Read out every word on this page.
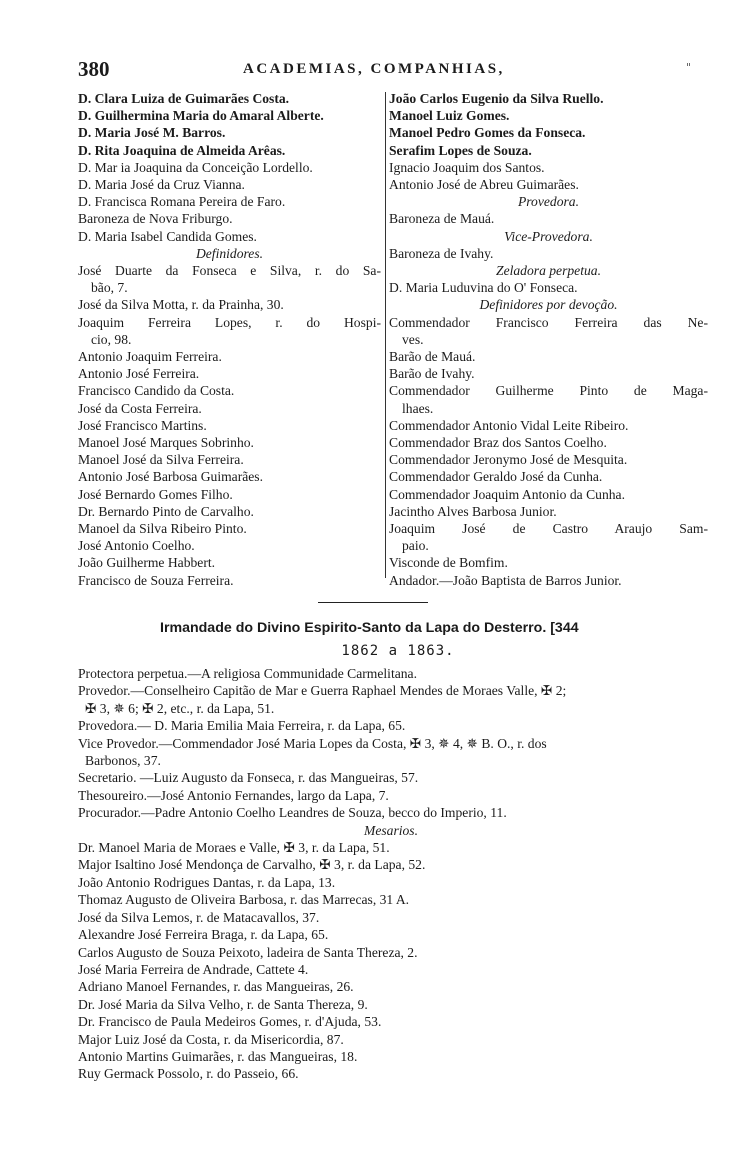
380	ACADEMIAS, COMPANHIAS,	"
D. Clara Luiza de Guimarães Costa.
D. Guilhermina Maria do Amaral Alberte.
D. Maria José M. Barros.
D. Rita Joaquina de Almeida Arêas.
D. Mar ia Joaquina da Conceição Lordello.
D. Maria José da Cruz Vianna.
D. Francisca Romana Pereira de Faro.
Baroneza de Nova Friburgo.
D. Maria Isabel Candida Gomes.
Definidores.
José Duarte da Fonseca e Silva, r. do Sa-
bão, 7.
José da Silva Motta, r. da Prainha, 30.
Joaquim Ferreira Lopes, r. do Hospi-
cio, 98.
Antonio Joaquim Ferreira.
Antonio José Ferreira.
Francisco Candido da Costa.
José da Costa Ferreira.
José Francisco Martins.
Manoel José Marques Sobrinho.
Manoel José da Silva Ferreira.
Antonio José Barbosa Guimarães.
José Bernardo Gomes Filho.
Dr. Bernardo Pinto de Carvalho.
Manoel da Silva Ribeiro Pinto.
José Antonio Coelho.
João Guilherme Habbert.
Francisco de Souza Ferreira.
João Carlos Eugenio da Silva Ruello.
Manoel Luiz Gomes.
Manoel Pedro Gomes da Fonseca.
Serafim Lopes de Souza.
Ignacio Joaquim dos Santos.
Antonio José de Abreu Guimarães.
Provedora.
Baroneza de Mauá.
Vice-Provedora.
Baroneza de Ivahy.
Zeladora perpetua.
D. Maria Luduvina do O' Fonseca.
Definidores por devoção.
Commendador Francisco Ferreira das Ne-
ves.
Barão de Mauá.
Barão de Ivahy.
Commendador Guilherme Pinto de Maga-
lhaes.
Commendador Antonio Vidal Leite Ribeiro.
Commendador Braz dos Santos Coelho.
Commendador Jeronymo José de Mesquita.
Commendador Geraldo José da Cunha.
Commendador Joaquim Antonio da Cunha.
Jacintho Alves Barbosa Junior.
Joaquim José de Castro Araujo Sam-
paio.
Visconde de Bomfim.
Andador.—João Baptista de Barros Junior.
Irmandade do Divino Espirito-Santo da Lapa do Desterro. [344
1862 a 1863.
Protectora perpetua.—A religiosa Communidade Carmelitana.
Provedor.—Conselheiro Capitão de Mar e Guerra Raphael Mendes de Moraes Valle, ✠ 2;
✠ 3, ✵ 6; ✠ 2, etc., r. da Lapa, 51.
Provedora.— D. Maria Emilia Maia Ferreira, r. da Lapa, 65.
Vice Provedor.—Commendador José Maria Lopes da Costa, ✠ 3, ✵ 4, ✵ B. O., r. dos
Barbonos, 37.
Secretario. —Luiz Augusto da Fonseca, r. das Mangueiras, 57.
Thesoureiro.—José Antonio Fernandes, largo da Lapa, 7.
Procurador.—Padre Antonio Coelho Leandres de Souza, becco do Imperio, 11.
Mesarios.
Dr. Manoel Maria de Moraes e Valle, ✠ 3, r. da Lapa, 51.
Major Isaltino José Mendonça de Carvalho, ✠ 3, r. da Lapa, 52.
João Antonio Rodrigues Dantas, r. da Lapa, 13.
Thomaz Augusto de Oliveira Barbosa, r. das Marrecas, 31 A.
José da Silva Lemos, r. de Matacavallos, 37.
Alexandre José Ferreira Braga, r. da Lapa, 65.
Carlos Augusto de Souza Peixoto, ladeira de Santa Thereza, 2.
José Maria Ferreira de Andrade, Cattete 4.
Adriano Manoel Fernandes, r. das Mangueiras, 26.
Dr. José Maria da Silva Velho, r. de Santa Thereza, 9.
Dr. Francisco de Paula Medeiros Gomes, r. d'Ajuda, 53.
Major Luiz José da Costa, r. da Misericordia, 87.
Antonio Martins Guimarães, r. das Mangueiras, 18.
Ruy Germack Possolo, r. do Passeio, 66.
